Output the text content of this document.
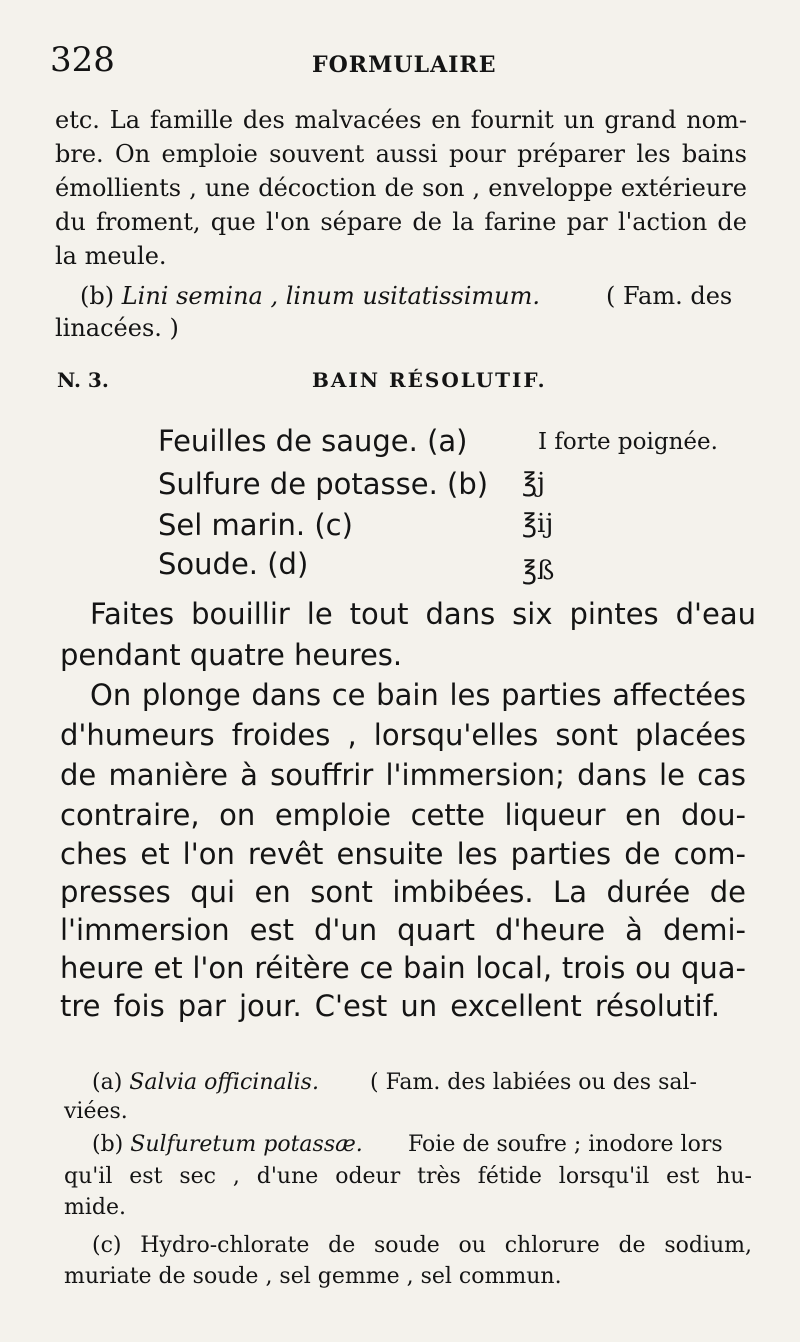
328	FORMULAIRE
etc. La famille des malvacées en fournit un grand nom-
bre. On emploie souvent aussi pour préparer les bains
émollients , une décoction de son , enveloppe extérieure
du froment, que l'on sépare de la farine par l'action de
la meule.
(b) Lini semina , linum usitatissimum.	( Fam. des
linacées. )
N. 3.	BAIN RÉSOLUTIF.
Feuilles de sauge. (a)	I forte poignée.
Sulfure de potasse. (b) ℥j
Sel marin. (c)	℥ij
Soude. (d)	℥ß
Faites bouillir le tout dans six pintes d'eau
pendant quatre heures.
On plonge dans ce bain les parties affectées
d'humeurs froides , lorsqu'elles sont placées
de manière à souffrir l'immersion; dans le cas
contraire, on emploie cette liqueur en dou-
ches et l'on revêt ensuite les parties de com-
presses qui en sont imbibées. La durée de
l'immersion est d'un quart d'heure à demi-
heure et l'on réitère ce bain local, trois ou qua-
tre fois par jour. C'est un excellent résolutif.
(a) Salvia officinalis. ( Fam. des labiées ou des sal-
viées.
(b) Sulfuretum potassæ. Foie de soufre ; inodore lors
qu'il est sec , d'une odeur très fétide lorsqu'il est hu-
mide.
(c) Hydro-chlorate de soude ou chlorure de sodium,
muriate de soude , sel gemme , sel commun.
